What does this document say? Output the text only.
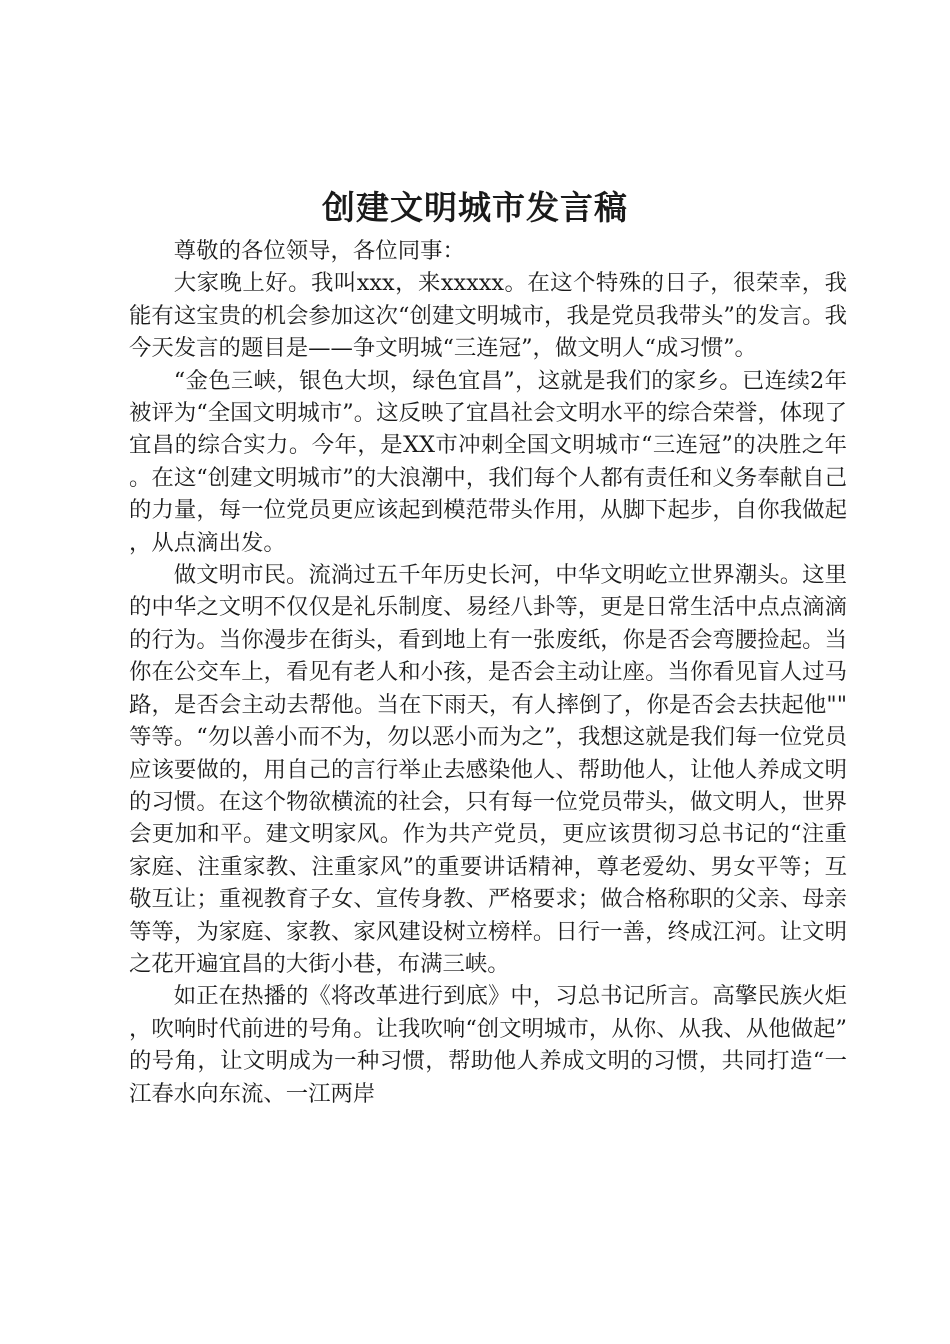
创建文明城市发言稿

尊敬的各位领导，各位同事：

大家晚上好。我叫xxx，来xxxxx。在这个特殊的日子，很荣幸，我能有这宝贵的机会参加这次“创建文明城市，我是党员我带头”的发言。我今天发言的题目是——争文明城“三连冠”，做文明人“成习惯”。

“金色三峡，银色大坝，绿色宜昌”，这就是我们的家乡。已连续2年被评为“全国文明城市”。这反映了宜昌社会文明水平的综合荣誉，体现了宜昌的综合实力。今年，是XX市冲刺全国文明城市“三连冠”的决胜之年。在这“创建文明城市”的大浪潮中，我们每个人都有责任和义务奉献自己的力量，每一位党员更应该起到模范带头作用，从脚下起步，自你我做起，从点滴出发。

做文明市民。流淌过五千年历史长河，中华文明屹立世界潮头。这里的中华之文明不仅仅是礼乐制度、易经八卦等，更是日常生活中点点滴滴的行为。当你漫步在街头，看到地上有一张废纸，你是否会弯腰捡起。当你在公交车上，看见有老人和小孩，是否会主动让座。当你看见盲人过马路，是否会主动去帮他。当在下雨天，有人摔倒了，你是否会去扶起他""等等。“勿以善小而不为，勿以恶小而为之”，我想这就是我们每一位党员应该要做的，用自己的言行举止去感染他人、帮助他人，让他人养成文明的习惯。在这个物欲横流的社会，只有每一位党员带头，做文明人，世界会更加和平。建文明家风。作为共产党员，更应该贯彻习总书记的“注重家庭、注重家教、注重家风”的重要讲话精神，尊老爱幼、男女平等；互敬互让；重视教育子女、宣传身教、严格要求；做合格称职的父亲、母亲等等，为家庭、家教、家风建设树立榜样。日行一善，终成江河。让文明之花开遍宜昌的大街小巷，布满三峡。

如正在热播的《将改革进行到底》中，习总书记所言。高擎民族火炬，吹响时代前进的号角。让我吹响“创文明城市，从你、从我、从他做起”的号角，让文明成为一种习惯，帮助他人养成文明的习惯，共同打造“一江春水向东流、一江两岸
